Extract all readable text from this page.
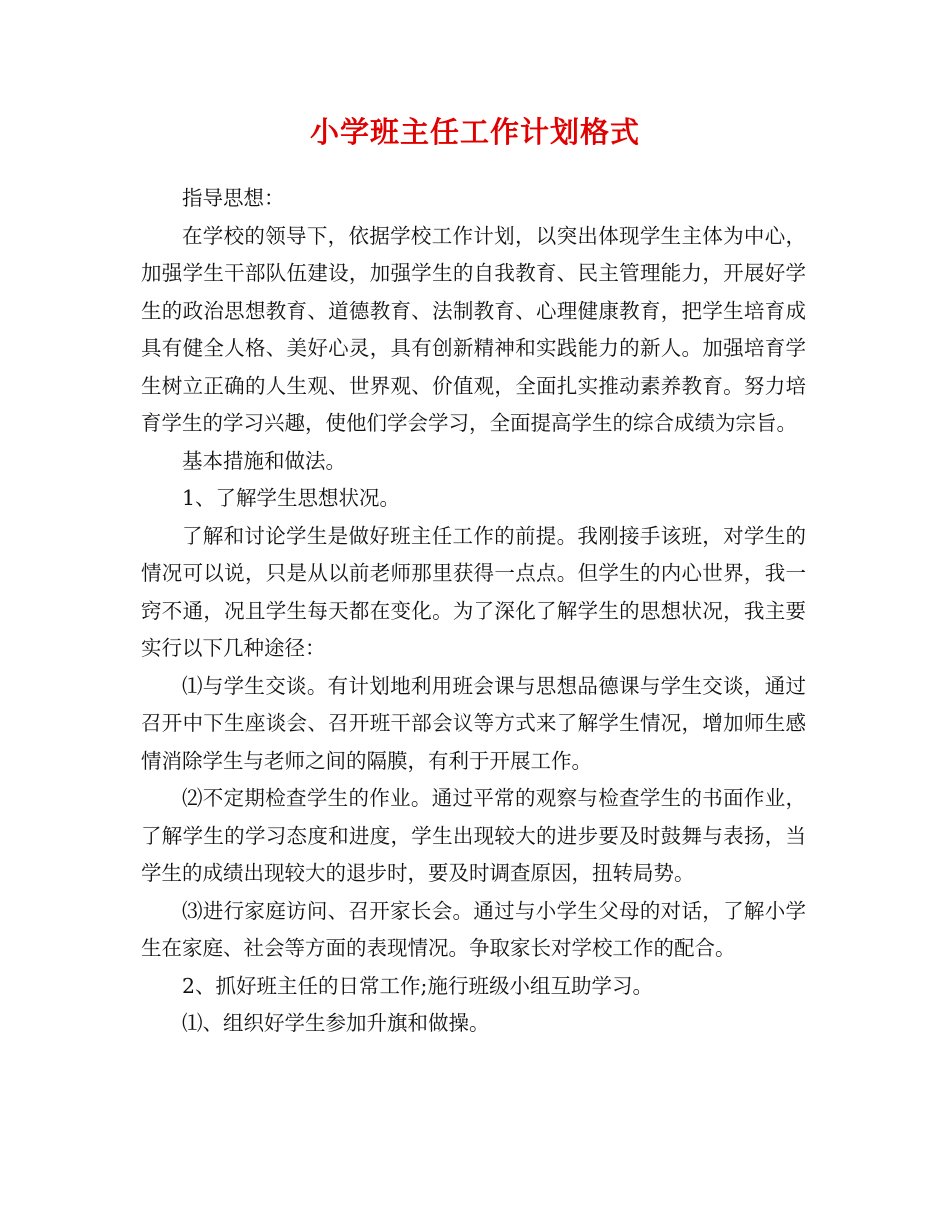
小学班主任工作计划格式

指导思想：

在学校的领导下，依据学校工作计划，以突出体现学生主体为中心，加强学生干部队伍建设，加强学生的自我教育、民主管理能力，开展好学生的政治思想教育、道德教育、法制教育、心理健康教育，把学生培育成具有健全人格、美好心灵，具有创新精神和实践能力的新人。加强培育学生树立正确的人生观、世界观、价值观，全面扎实推动素养教育。努力培育学生的学习兴趣，使他们学会学习，全面提高学生的综合成绩为宗旨。

基本措施和做法。

1、了解学生思想状况。

了解和讨论学生是做好班主任工作的前提。我刚接手该班，对学生的情况可以说，只是从以前老师那里获得一点点。但学生的内心世界，我一窍不通，况且学生每天都在变化。为了深化了解学生的思想状况，我主要实行以下几种途径：

⑴与学生交谈。有计划地利用班会课与思想品德课与学生交谈，通过召开中下生座谈会、召开班干部会议等方式来了解学生情况，增加师生感情消除学生与老师之间的隔膜，有利于开展工作。

⑵不定期检查学生的作业。通过平常的观察与检查学生的书面作业，了解学生的学习态度和进度，学生出现较大的进步要及时鼓舞与表扬，当学生的成绩出现较大的退步时，要及时调查原因，扭转局势。

⑶进行家庭访问、召开家长会。通过与小学生父母的对话，了解小学生在家庭、社会等方面的表现情况。争取家长对学校工作的配合。

2、抓好班主任的日常工作;施行班级小组互助学习。

⑴、组织好学生参加升旗和做操。
